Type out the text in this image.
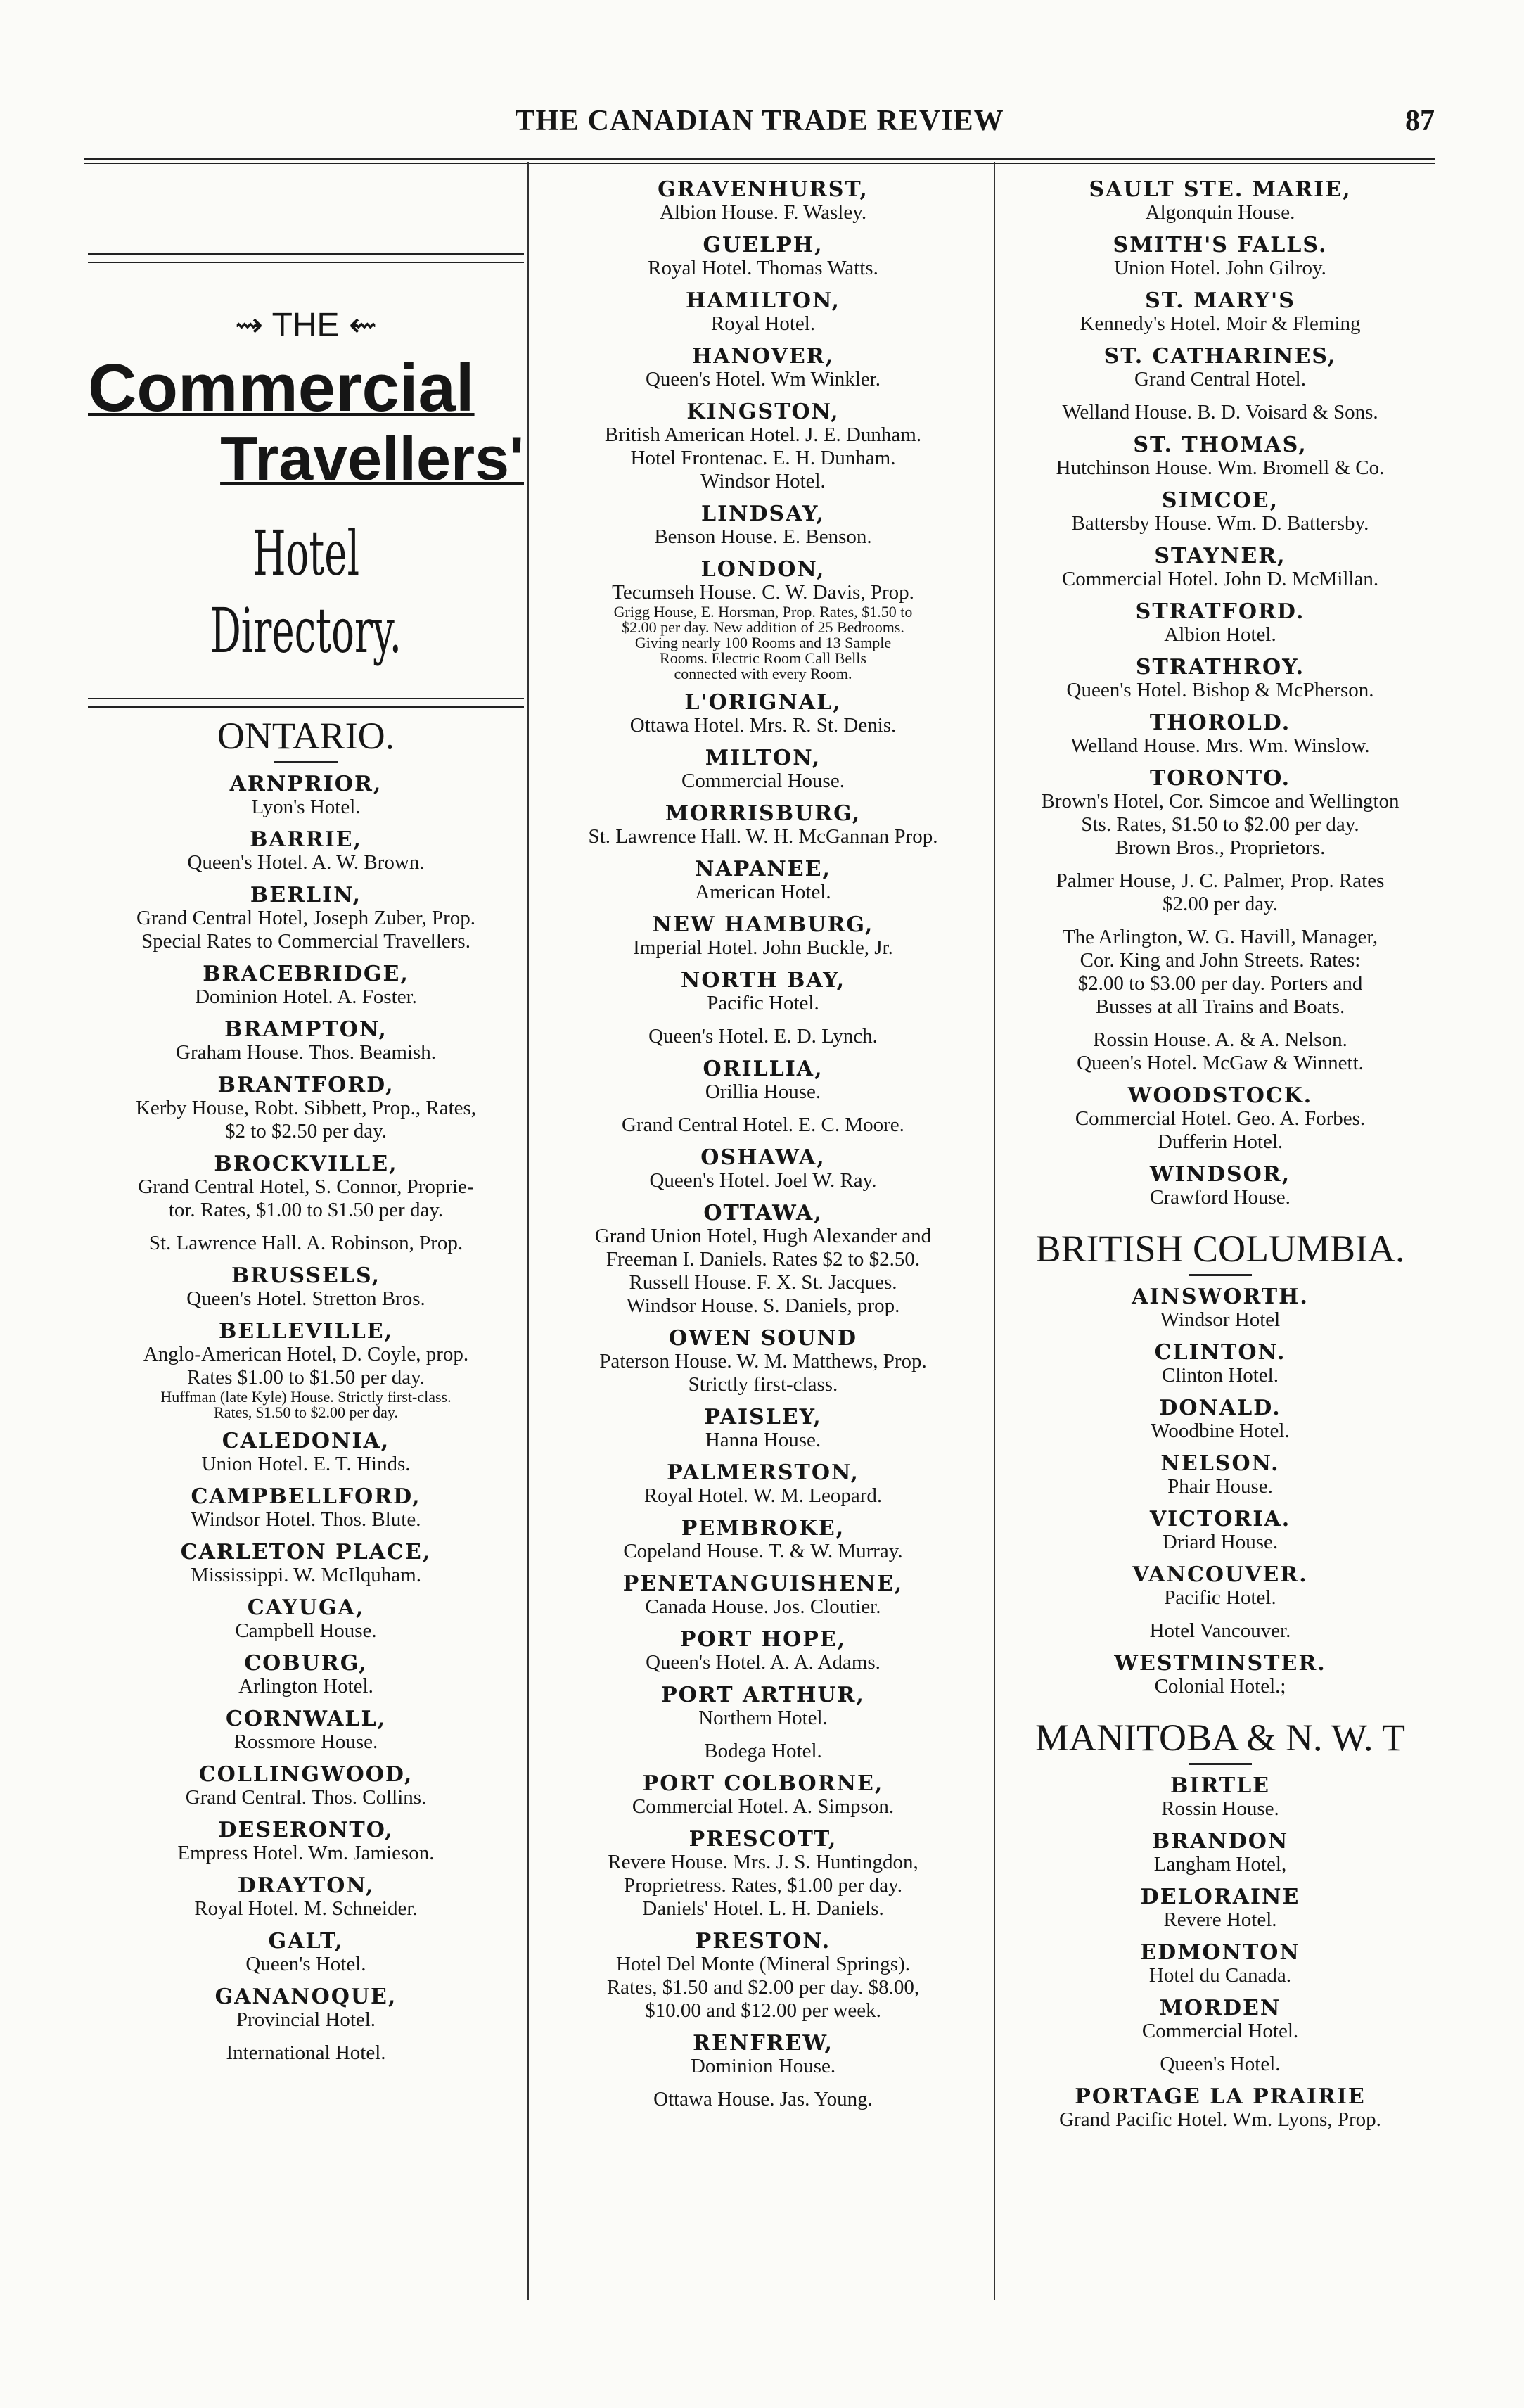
THE CANADIAN TRADE REVIEW	87
⇝ THE ⇜
Commercial
Travellers'
Hotel Directory.
ONTARIO.
ARNPRIOR,
Lyon's Hotel.
BARRIE,
Queen's Hotel. A. W. Brown.
BERLIN,
Grand Central Hotel, Joseph Zuber, Prop.
Special Rates to Commercial Travellers.
BRACEBRIDGE,
Dominion Hotel. A. Foster.
BRAMPTON,
Graham House. Thos. Beamish.
BRANTFORD,
Kerby House, Robt. Sibbett, Prop., Rates,
$2 to $2.50 per day.
BROCKVILLE,
Grand Central Hotel, S. Connor, Proprie-
tor. Rates, $1.00 to $1.50 per day.
St. Lawrence Hall. A. Robinson, Prop.
BRUSSELS,
Queen's Hotel. Stretton Bros.
BELLEVILLE,
Anglo-American Hotel, D. Coyle, prop.
Rates $1.00 to $1.50 per day.
Huffman (late Kyle) House. Strictly first-class.
Rates, $1.50 to $2.00 per day.
CALEDONIA,
Union Hotel. E. T. Hinds.
CAMPBELLFORD,
Windsor Hotel. Thos. Blute.
CARLETON PLACE,
Mississippi. W. McIlquham.
CAYUGA,
Campbell House.
COBURG,
Arlington Hotel.
CORNWALL,
Rossmore House.
COLLINGWOOD,
Grand Central. Thos. Collins.
DESERONTO,
Empress Hotel. Wm. Jamieson.
DRAYTON,
Royal Hotel. M. Schneider.
GALT,
Queen's Hotel.
GANANOQUE,
Provincial Hotel.
International Hotel.
GRAVENHURST,
Albion House. F. Wasley.
GUELPH,
Royal Hotel. Thomas Watts.
HAMILTON,
Royal Hotel.
HANOVER,
Queen's Hotel. Wm Winkler.
KINGSTON,
British American Hotel. J. E. Dunham.
Hotel Frontenac. E. H. Dunham.
Windsor Hotel.
LINDSAY,
Benson House. E. Benson.
LONDON,
Tecumseh House. C. W. Davis, Prop.
Grigg House, E. Horsman, Prop. Rates, $1.50 to
$2.00 per day. New addition of 25 Bedrooms.
Giving nearly 100 Rooms and 13 Sample
Rooms. Electric Room Call Bells
connected with every Room.
L'ORIGNAL,
Ottawa Hotel. Mrs. R. St. Denis.
MILTON,
Commercial House.
MORRISBURG,
St. Lawrence Hall. W. H. McGannan Prop.
NAPANEE,
American Hotel.
NEW HAMBURG,
Imperial Hotel. John Buckle, Jr.
NORTH BAY,
Pacific Hotel.
Queen's Hotel. E. D. Lynch.
ORILLIA,
Orillia House.
Grand Central Hotel. E. C. Moore.
OSHAWA,
Queen's Hotel. Joel W. Ray.
OTTAWA,
Grand Union Hotel, Hugh Alexander and
Freeman I. Daniels. Rates $2 to $2.50.
Russell House. F. X. St. Jacques.
Windsor House. S. Daniels, prop.
OWEN SOUND
Paterson House. W. M. Matthews, Prop.
Strictly first-class.
PAISLEY,
Hanna House.
PALMERSTON,
Royal Hotel. W. M. Leopard.
PEMBROKE,
Copeland House. T. & W. Murray.
PENETANGUISHENE,
Canada House. Jos. Cloutier.
PORT HOPE,
Queen's Hotel. A. A. Adams.
PORT ARTHUR,
Northern Hotel.
Bodega Hotel.
PORT COLBORNE,
Commercial Hotel. A. Simpson.
PRESCOTT,
Revere House. Mrs. J. S. Huntingdon,
Proprietress. Rates, $1.00 per day.
Daniels' Hotel. L. H. Daniels.
PRESTON.
Hotel Del Monte (Mineral Springs).
Rates, $1.50 and $2.00 per day. $8.00,
$10.00 and $12.00 per week.
RENFREW,
Dominion House.
Ottawa House. Jas. Young.
SAULT STE. MARIE,
Algonquin House.
SMITH'S FALLS.
Union Hotel. John Gilroy.
ST. MARY'S
Kennedy's Hotel. Moir & Fleming
ST. CATHARINES,
Grand Central Hotel.
Welland House. B. D. Voisard & Sons.
ST. THOMAS,
Hutchinson House. Wm. Bromell & Co.
SIMCOE,
Battersby House. Wm. D. Battersby.
STAYNER,
Commercial Hotel. John D. McMillan.
STRATFORD.
Albion Hotel.
STRATHROY.
Queen's Hotel. Bishop & McPherson.
THOROLD.
Welland House. Mrs. Wm. Winslow.
TORONTO.
Brown's Hotel, Cor. Simcoe and Wellington
Sts. Rates, $1.50 to $2.00 per day.
Brown Bros., Proprietors.
Palmer House, J. C. Palmer, Prop. Rates
$2.00 per day.
The Arlington, W. G. Havill, Manager,
Cor. King and John Streets. Rates:
$2.00 to $3.00 per day. Porters and
Busses at all Trains and Boats.
Rossin House. A. & A. Nelson.
Queen's Hotel. McGaw & Winnett.
WOODSTOCK.
Commercial Hotel. Geo. A. Forbes.
Dufferin Hotel.
WINDSOR,
Crawford House.
BRITISH COLUMBIA.
AINSWORTH.
Windsor Hotel
CLINTON.
Clinton Hotel.
DONALD.
Woodbine Hotel.
NELSON.
Phair House.
VICTORIA.
Driard House.
VANCOUVER.
Pacific Hotel.
Hotel Vancouver.
WESTMINSTER.
Colonial Hotel.;
MANITOBA & N. W. T
BIRTLE
Rossin House.
BRANDON
Langham Hotel,
DELORAINE
Revere Hotel.
EDMONTON
Hotel du Canada.
MORDEN
Commercial Hotel.
Queen's Hotel.
PORTAGE LA PRAIRIE
Grand Pacific Hotel. Wm. Lyons, Prop.
